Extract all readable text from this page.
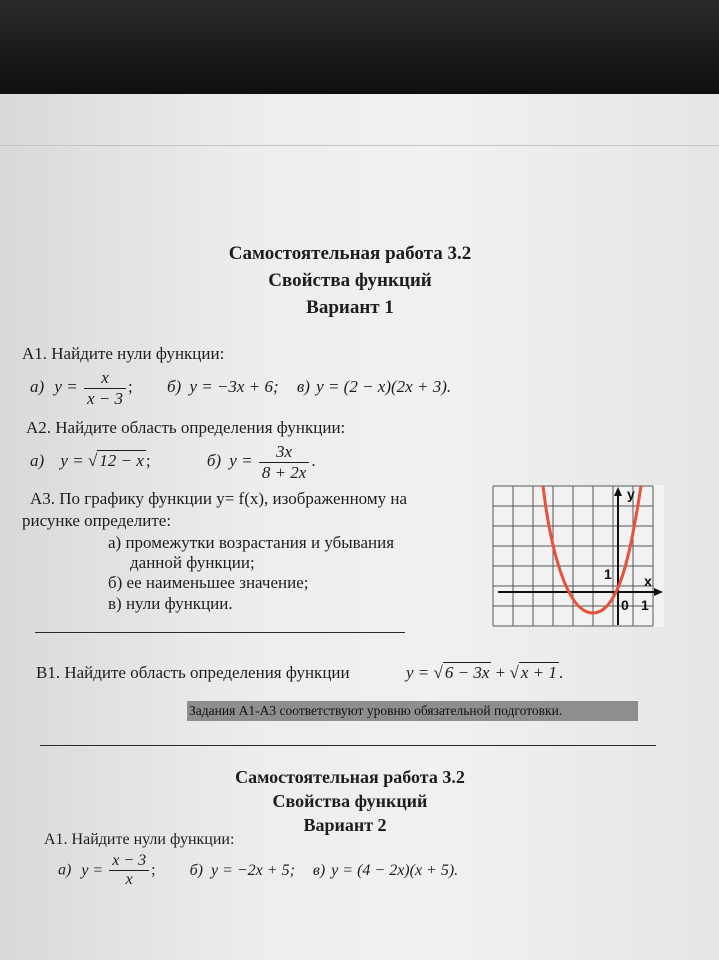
Самостоятельная работа 3.2
Свойства функций
Вариант 1
А1. Найдите нули функции:
а) $y = \frac{x}{x - 3}$ ; б) y = −3x + 6; в) y = (2 − x)(2x + 3).
А2. Найдите область определения функции:
а) y = √ 12 − x ;	б) $y = \frac{3x}{8 + 2x}$ .
А3. По графику функции y= f(x), изображенному на
рисунке определите:
а) промежутки возрастания и убывания
данной функции;
б) ее наименьшее значение;
в) нули функции.
y
x
1
0 1
В1. Найдите область определения функции	y = √ 6 − 3x + √ x + 1 .
Задания А1-А3 соответствуют уровню обязательной подготовки.
Самостоятельная работа 3.2
Свойства функций
Вариант 2
А1. Найдите нули функции:
а) $y = \frac{x - 3}{x}$ ; б) y = −2x + 5; в) y = (4 − 2x)(x + 5).
